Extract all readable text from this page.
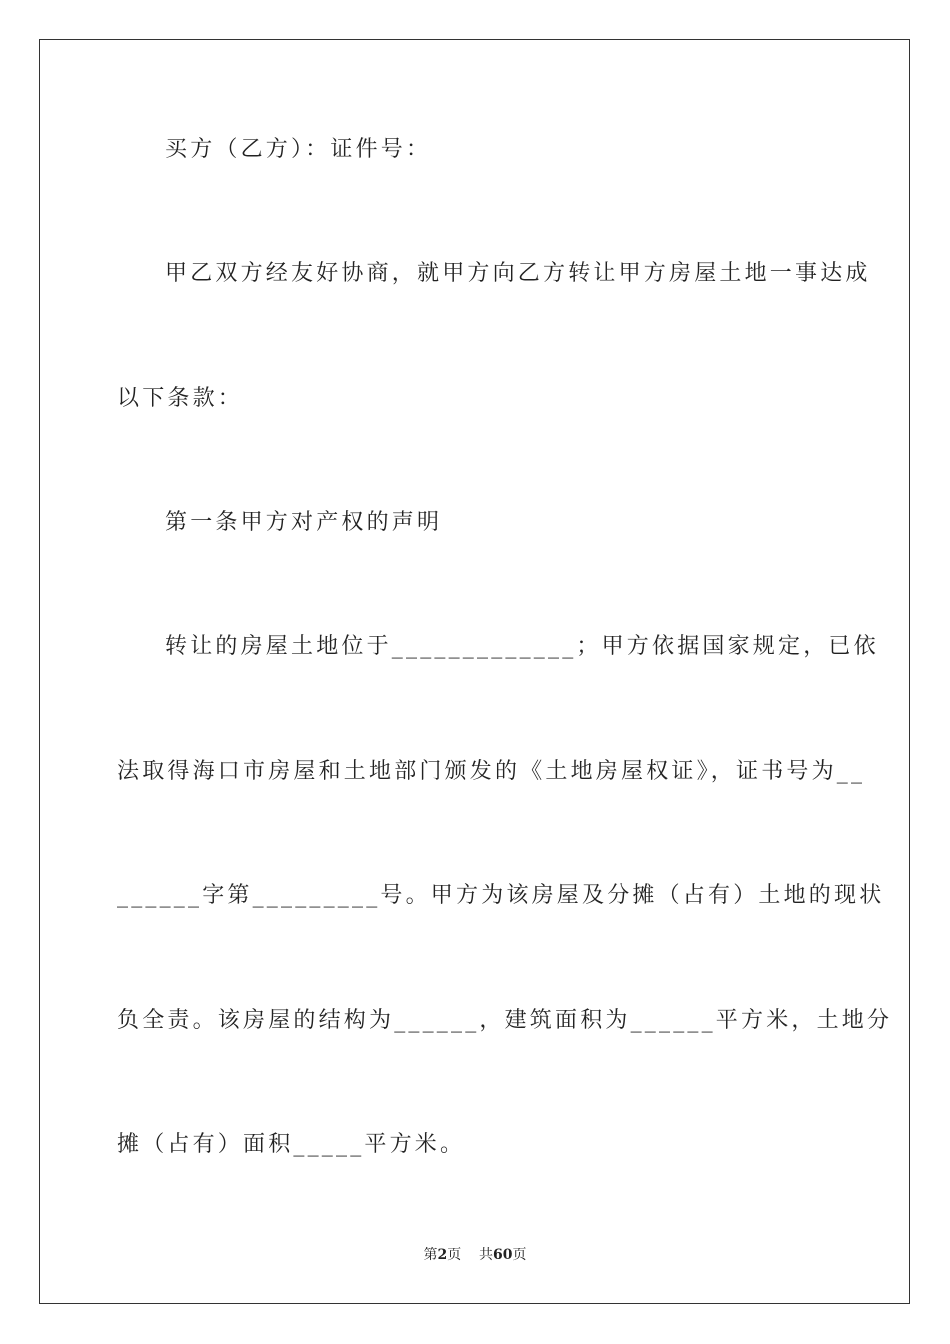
买方（乙方）：证件号：
甲乙双方经友好协商，就甲方向乙方转让甲方房屋土地一事达成
以下条款：
第一条甲方对产权的声明
转让的房屋土地位于_____________；甲方依据国家规定，已依
法取得海口市房屋和土地部门颁发的《土地房屋权证》，证书号为__
______字第_________号。甲方为该房屋及分摊（占有）土地的现状
负全责。该房屋的结构为______，建筑面积为______平方米，土地分
摊（占有）面积_____平方米。
第2页 共60页
